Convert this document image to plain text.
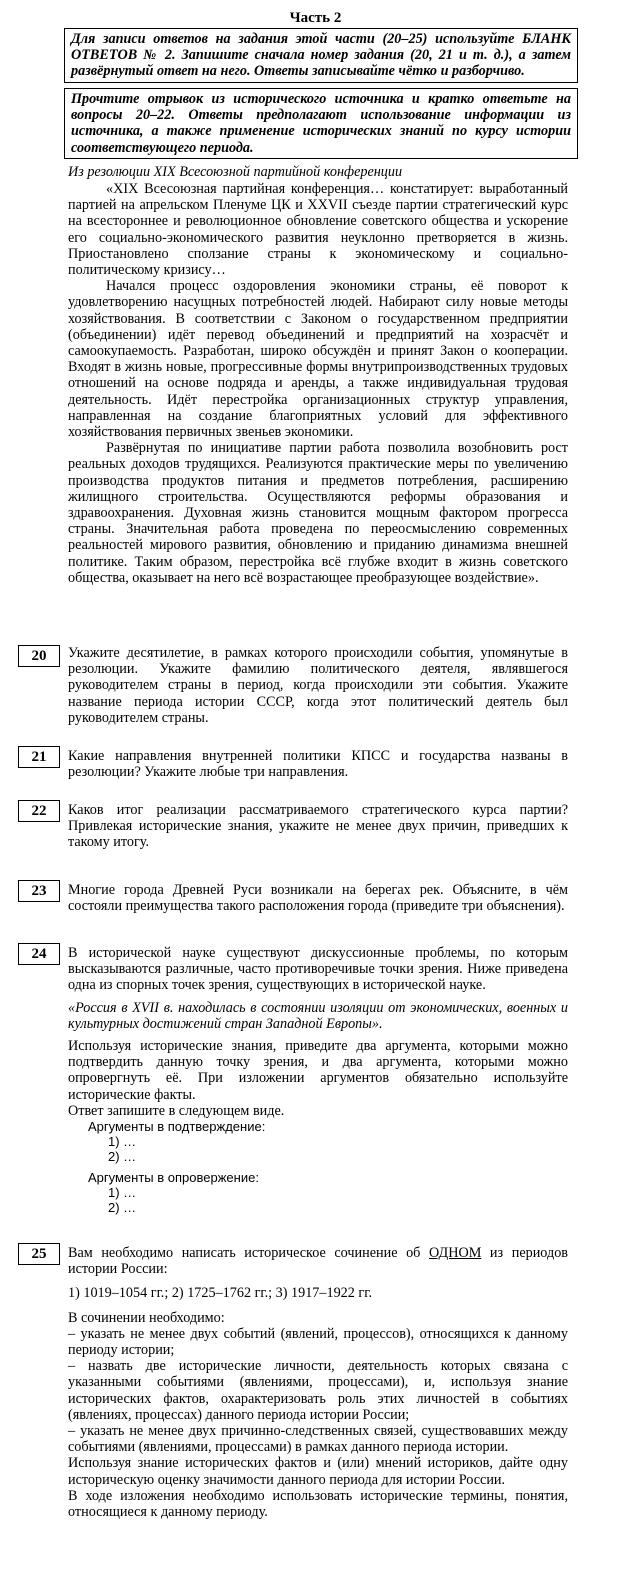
Часть 2
Для записи ответов на задания этой части (20–25) используйте БЛАНК ОТВЕТОВ № 2. Запишите сначала номер задания (20, 21 и т. д.), а затем развёрнутый ответ на него. Ответы записывайте чётко и разборчиво.
Прочтите отрывок из исторического источника и кратко ответьте на вопросы 20–22. Ответы предполагают использование информации из источника, а также применение исторических знаний по курсу истории соответствующего периода.
Из резолюции XIX Всесоюзной партийной конференции

«XIX Всесоюзная партийная конференция… констатирует: выработанный партией на апрельском Пленуме ЦК и XXVII съезде партии стратегический курс на всестороннее и революционное обновление советского общества и ускорение его социально-экономического развития неуклонно претворяется в жизнь. Приостановлено сползание страны к экономическому и социально-политическому кризису…

Начался процесс оздоровления экономики страны, её поворот к удовлетворению насущных потребностей людей. Набирают силу новые методы хозяйствования. В соответствии с Законом о государственном предприятии (объединении) идёт перевод объединений и предприятий на хозрасчёт и самоокупаемость. Разработан, широко обсуждён и принят Закон о кооперации. Входят в жизнь новые, прогрессивные формы внутрипроизводственных трудовых отношений на основе подряда и аренды, а также индивидуальная трудовая деятельность. Идёт перестройка организационных структур управления, направленная на создание благоприятных условий для эффективного хозяйствования первичных звеньев экономики.

Развёрнутая по инициативе партии работа позволила возобновить рост реальных доходов трудящихся. Реализуются практические меры по увеличению производства продуктов питания и предметов потребления, расширению жилищного строительства. Осуществляются реформы образования и здравоохранения. Духовная жизнь становится мощным фактором прогресса страны. Значительная работа проведена по переосмыслению современных реальностей мирового развития, обновлению и приданию динамизма внешней политике. Таким образом, перестройка всё глубже входит в жизнь советского общества, оказывает на него всё возрастающее преобразующее воздействие».

20	Укажите десятилетие, в рамках которого происходили события, упомянутые в резолюции. Укажите фамилию политического деятеля, являвшегося руководителем страны в период, когда происходили эти события. Укажите название периода истории СССР, когда этот политический деятель был руководителем страны.
21	Какие направления внутренней политики КПСС и государства названы в резолюции? Укажите любые три направления.
22	Каков итог реализации рассматриваемого стратегического курса партии? Привлекая исторические знания, укажите не менее двух причин, приведших к такому итогу.
23	Многие города Древней Руси возникали на берегах рек. Объясните, в чём состояли преимущества такого расположения города (приведите три объяснения).
24	В исторической науке существуют дискуссионные проблемы, по которым высказываются различные, часто противоречивые точки зрения. Ниже приведена одна из спорных точек зрения, существующих в исторической науке.

«Россия в XVII в. находилась в состоянии изоляции от экономических, военных и культурных достижений стран Западной Европы».

Используя исторические знания, приведите два аргумента, которыми можно подтвердить данную точку зрения, и два аргумента, которыми можно опровергнуть её. При изложении аргументов обязательно используйте исторические факты.

Ответ запишите в следующем виде.

Аргументы в подтверждение:
1) …
2) …
Аргументы в опровержение:
1) …
2) …
25	Вам необходимо написать историческое сочинение об ОДНОМ из периодов истории России:

1) 1019–1054 гг.; 2) 1725–1762 гг.; 3) 1917–1922 гг.

В сочинении необходимо:

– указать не менее двух событий (явлений, процессов), относящихся к данному периоду истории;

– назвать две исторические личности, деятельность которых связана с указанными событиями (явлениями, процессами), и, используя знание исторических фактов, охарактеризовать роль этих личностей в событиях (явлениях, процессах) данного периода истории России;

– указать не менее двух причинно-следственных связей, существовавших между событиями (явлениями, процессами) в рамках данного периода истории.

Используя знание исторических фактов и (или) мнений историков, дайте одну историческую оценку значимости данного периода для истории России.

В ходе изложения необходимо использовать исторические термины, понятия, относящиеся к данному периоду.
